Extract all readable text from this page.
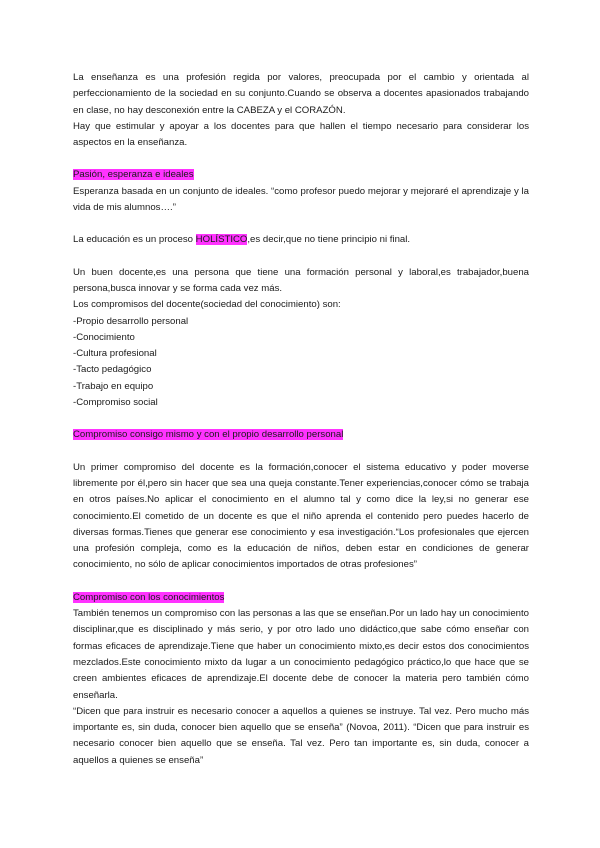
La enseñanza es una profesión regida por valores, preocupada por el cambio y orientada al perfeccionamiento de la sociedad en su conjunto.Cuando se observa a docentes apasionados trabajando en clase, no hay desconexión entre la CABEZA y el CORAZÓN.

Hay que estimular y apoyar a los docentes para que hallen el tiempo necesario para considerar los aspectos en la enseñanza.

Pasión, esperanza e ideales

Esperanza basada en un conjunto de ideales. “como profesor puedo mejorar y mejoraré el aprendizaje y la vida de mis alumnos….”

La educación es un proceso HOLÍSTICO,es decir,que no tiene principio ni final.

Un buen docente,es una persona que tiene una formación personal y laboral,es trabajador,buena persona,busca innovar y se forma cada vez más.

Los compromisos del docente(sociedad del conocimiento) son:

-Propio desarrollo personal

-Conocimiento

-Cultura profesional

-Tacto pedagógico

-Trabajo en equipo

-Compromiso social

Compromiso consigo mismo y con el propio desarrollo personal

Un primer compromiso del docente es la formación,conocer el sistema educativo y poder moverse libremente por él,pero sin hacer que sea una queja constante.Tener experiencias,conocer cómo se trabaja en otros países.No aplicar el conocimiento en el alumno tal y como dice la ley,si no generar ese conocimiento.El cometido de un docente es que el niño aprenda el contenido pero puedes hacerlo de diversas formas.Tienes que generar ese conocimiento y esa investigación.“Los profesionales que ejercen una profesión compleja, como es la educación de niños, deben estar en condiciones de generar conocimiento, no sólo de aplicar conocimientos importados de otras profesiones”

Compromiso con los conocimientos

También tenemos un compromiso con las personas a las que se enseñan.Por un lado hay un conocimiento disciplinar,que es disciplinado y más serio, y por otro lado uno didáctico,que sabe cómo enseñar con formas eficaces de aprendizaje.Tiene que haber un conocimiento mixto,es decir estos dos conocimientos mezclados.Este conocimiento mixto da lugar a un conocimiento pedagógico práctico,lo que hace que se creen ambientes eficaces de aprendizaje.El docente debe de conocer la materia pero también cómo enseñarla.

“Dicen que para instruir es necesario conocer a aquellos a quienes se instruye. Tal vez. Pero mucho más importante es, sin duda, conocer bien aquello que se enseña” (Novoa, 2011). “Dicen que para instruir es necesario conocer bien aquello que se enseña. Tal vez. Pero tan importante es, sin duda, conocer a aquellos a quienes se enseña”
